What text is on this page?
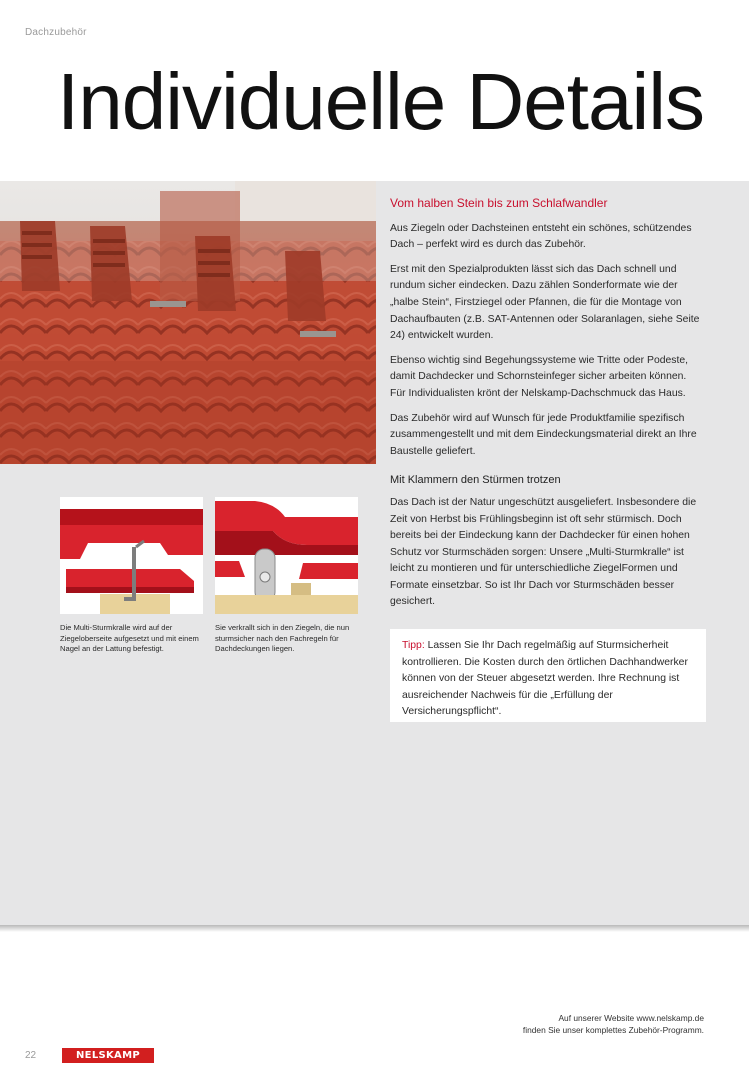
Dachzubehör
Individuelle Details
Vom halben Stein bis zum Schlafwandler

Aus Ziegeln oder Dachsteinen entsteht ein schönes, schützendes Dach – perfekt wird es durch das Zubehör.

Erst mit den Spezialprodukten lässt sich das Dach schnell und rundum sicher eindecken. Dazu zählen Sonderformate wie der „halbe Stein“, Firstziegel oder Pfannen, die für die Montage von Dachaufbauten (z.B. SAT-Antennen oder Solaranlagen, siehe Seite 24) entwickelt wurden.

Ebenso wichtig sind Begehungssysteme wie Tritte oder Podeste, damit Dachdecker und Schornsteinfeger sicher arbeiten können. Für Individualisten krönt der Nelskamp-Dachschmuck das Haus.

Das Zubehör wird auf Wunsch für jede Produktfamilie spezifisch zusammengestellt und mit dem Eindeckungsmaterial direkt an Ihre Baustelle geliefert.

Mit Klammern den Stürmen trotzen

Das Dach ist der Natur ungeschützt ausgeliefert. Insbesondere die Zeit von Herbst bis Frühlingsbeginn ist oft sehr stürmisch. Doch bereits bei der Eindeckung kann der Dachdecker für einen hohen Schutz vor Sturmschäden sorgen: Unsere „Multi-Sturmkralle“ ist leicht zu montieren und für unterschiedliche ZiegelFormen und Formate einsetzbar. So ist Ihr Dach vor Sturmschäden besser gesichert.

Tipp: Lassen Sie Ihr Dach regelmäßig auf Sturmsicherheit kontrollieren. Die Kosten durch den örtlichen Dachhandwerker können von der Steuer abgesetzt werden. Ihre Rechnung ist ausreichender Nachweis für die „Erfüllung der Versicherungspflicht“.
Die Multi-Sturmkralle wird auf der Ziegeloberseite aufgesetzt und mit einem Nagel an der Lattung befestigt.
Sie verkrallt sich in den Ziegeln, die nun sturmsicher nach den Fachregeln für Dachdeckungen liegen.
Auf unserer Website www.nelskamp.de
finden Sie unser komplettes Zubehör-Programm.
22	NELSKAMP
